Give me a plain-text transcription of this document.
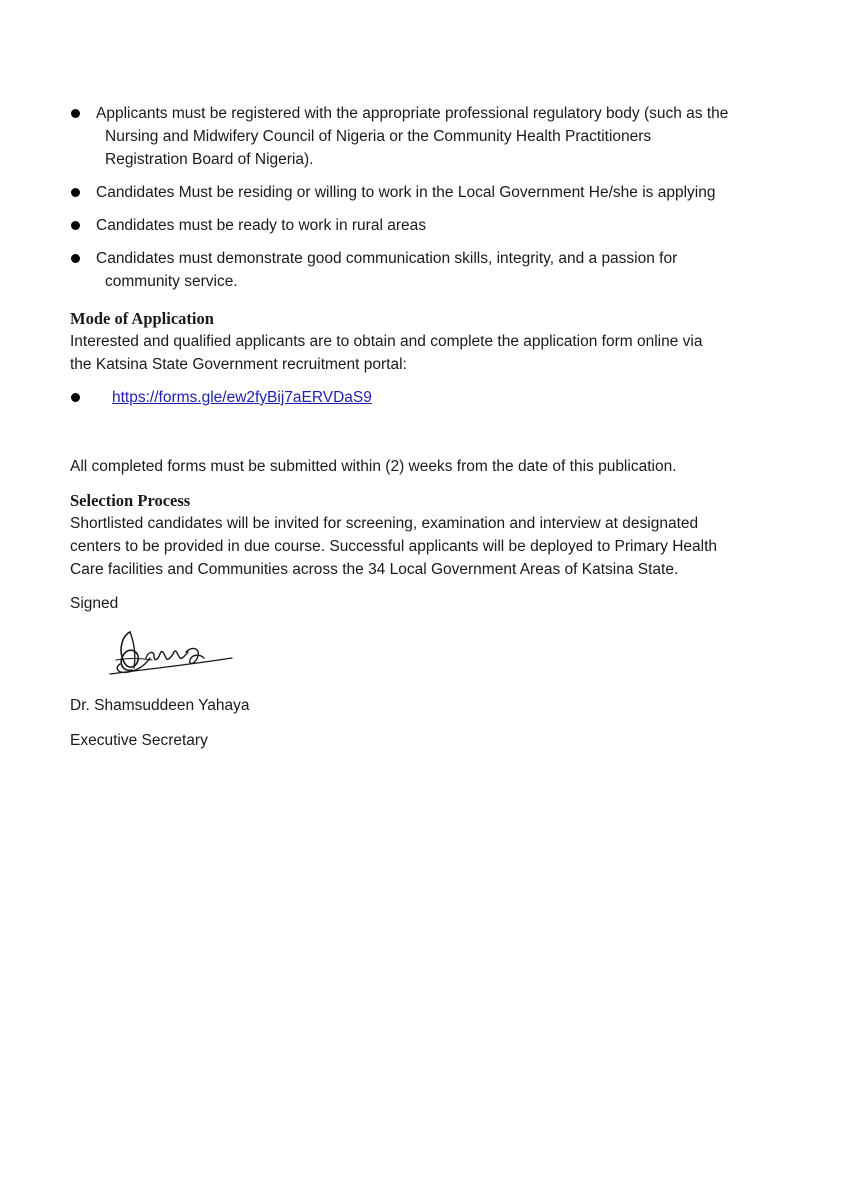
Applicants must be registered with the appropriate professional regulatory body (such as the
Nursing and Midwifery Council of Nigeria or the Community Health Practitioners
Registration Board of Nigeria).
Candidates Must be residing or willing to work in the Local Government He/she is applying
Candidates must be ready to work in rural areas
Candidates must demonstrate good communication skills, integrity, and a passion for
community service.
Mode of Application
Interested and qualified applicants are to obtain and complete the application form online via
the Katsina State Government recruitment portal:
https://forms.gle/ew2fyBij7aERVDaS9
All completed forms must be submitted within (2) weeks from the date of this publication.
Selection Process
Shortlisted candidates will be invited for screening, examination and interview at designated
centers to be provided in due course. Successful applicants will be deployed to Primary Health
Care facilities and Communities across the 34 Local Government Areas of Katsina State.
Signed
Dr. Shamsuddeen Yahaya
Executive Secretary
